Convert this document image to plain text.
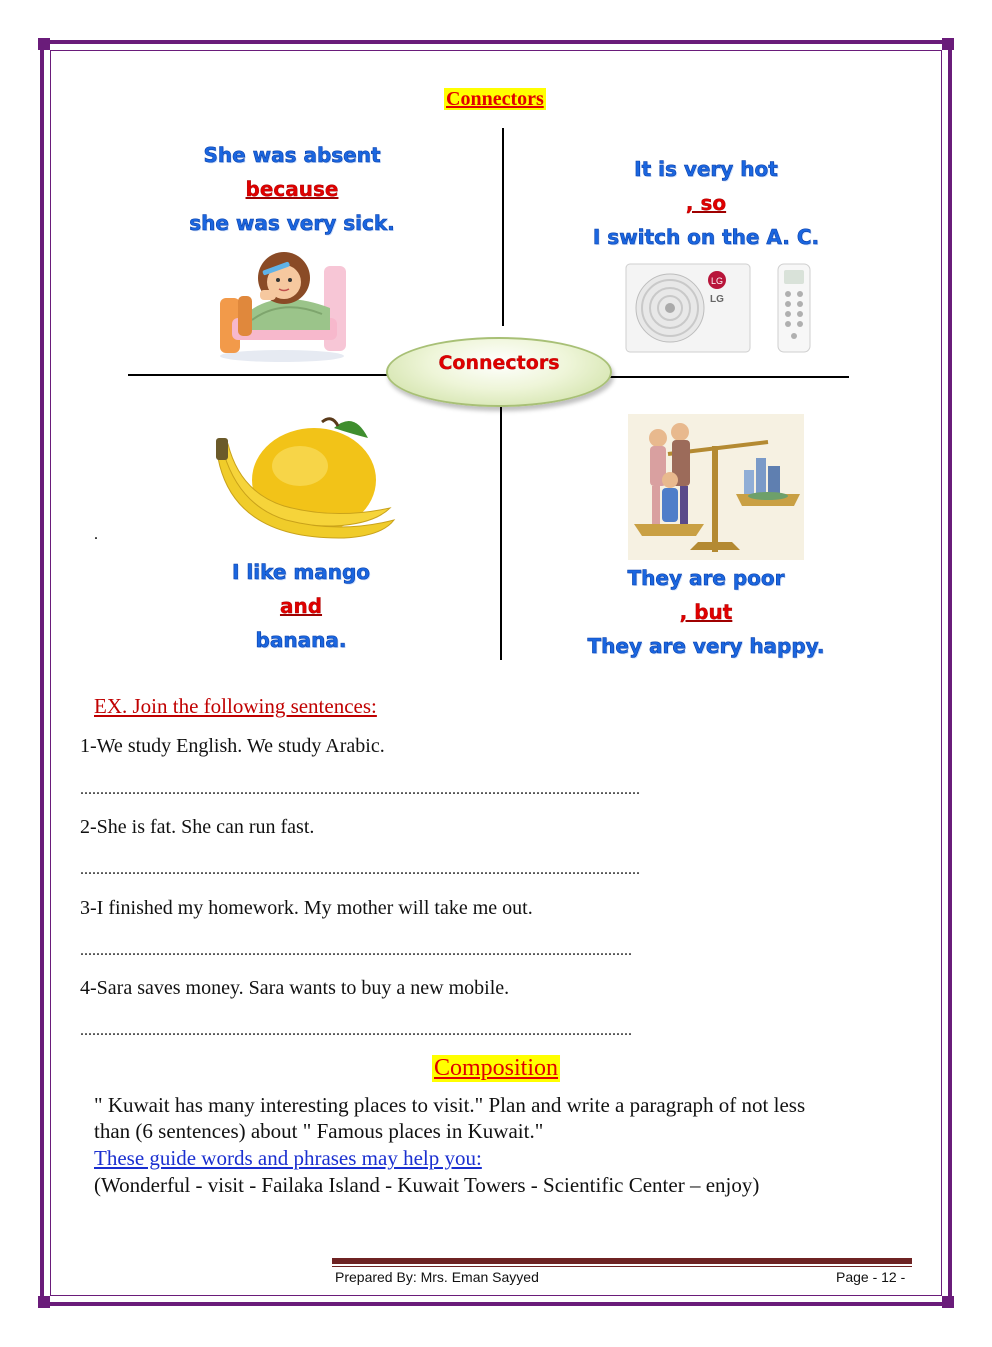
Connectors
Connectors
She was absent
because
she was very sick.
It is very hot
, so
I switch on the A. C.
LG
LG
.
I like mango
and
banana.
They are poor
, but
They are very happy.
EX. Join the following sentences:
1-We study English. We study Arabic.
............................................................................................................................................
2-She is fat. She can run fast.
............................................................................................................................................
3-I finished my homework. My mother will take me out.
..........................................................................................................................................
4-Sara saves money. Sara wants to buy a new mobile.
..........................................................................................................................................
Composition
" Kuwait has many interesting places to visit." Plan and write a paragraph of not less
than (6 sentences) about " Famous places in Kuwait."
These guide words and phrases may help you:
(Wonderful - visit - Failaka Island - Kuwait Towers - Scientific Center – enjoy)
Prepared By: Mrs. Eman Sayyed	Page - 12 -
